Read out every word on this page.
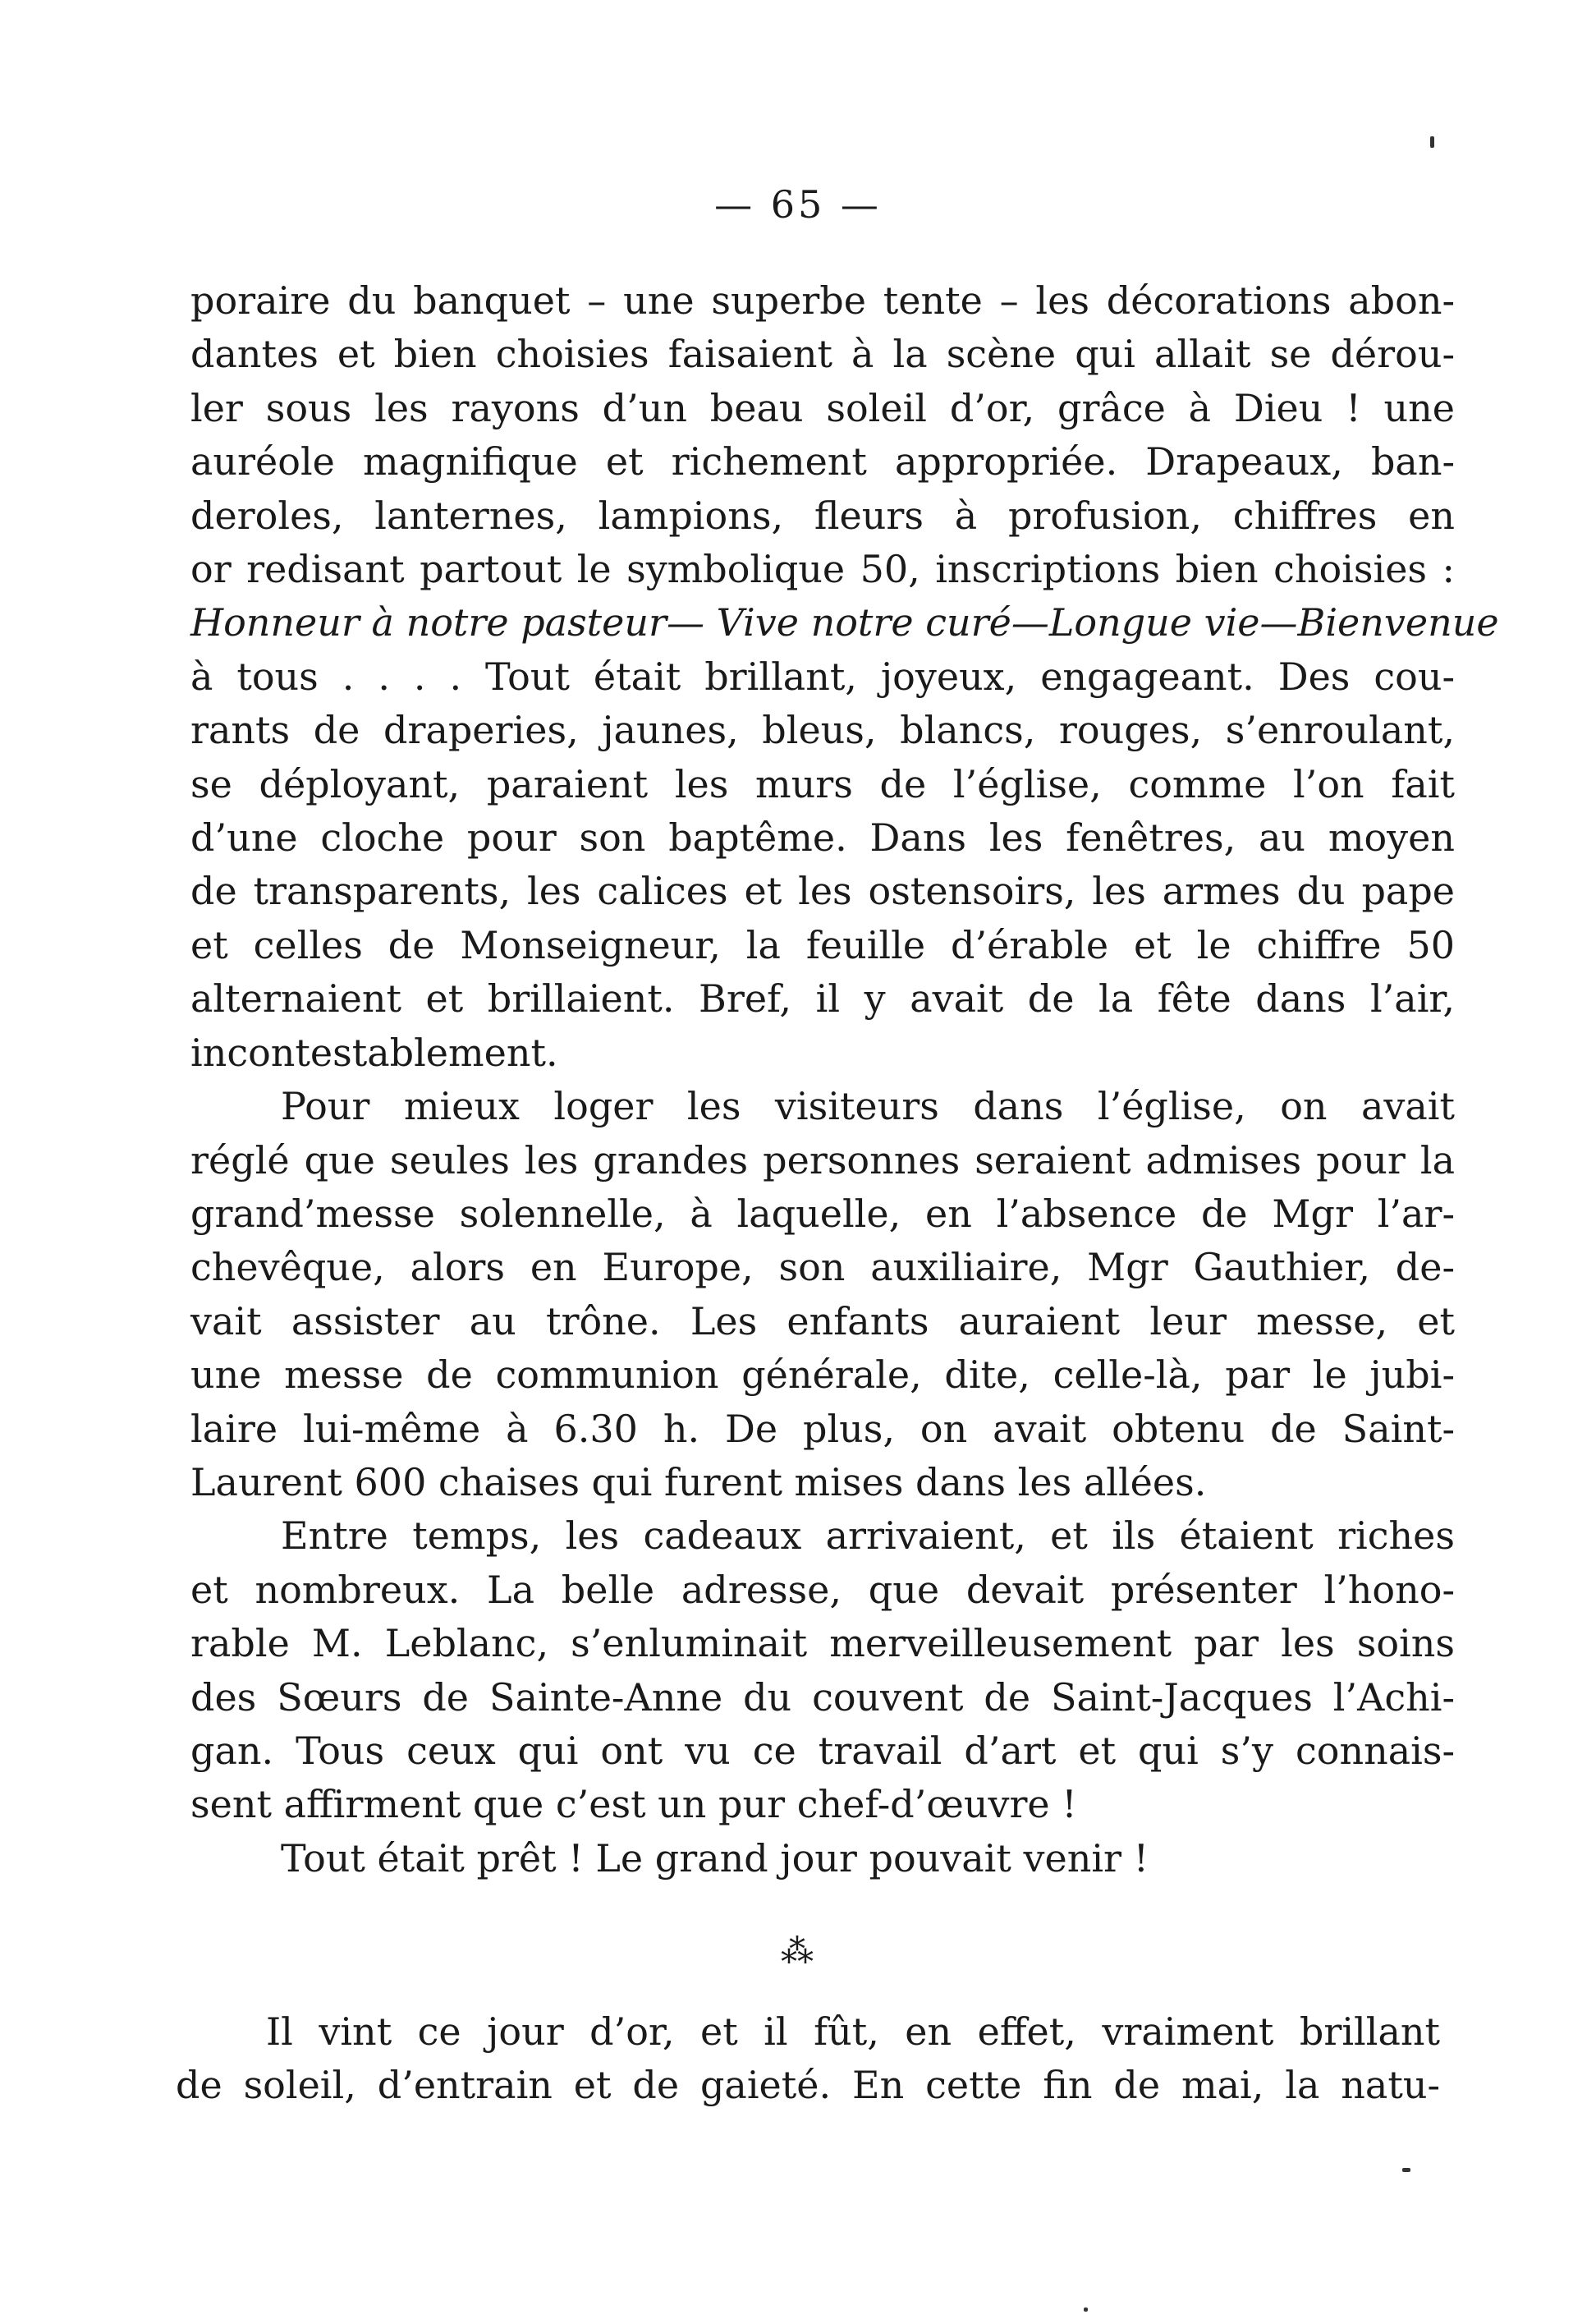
— 65 —
poraire du banquet – une superbe tente – les décorations abon-
dantes et bien choisies faisaient à la scène qui allait se dérou-
ler sous les rayons d’un beau soleil d’or, grâce à Dieu ! une
auréole magnifique et richement appropriée. Drapeaux, ban-
deroles, lanternes, lampions, fleurs à profusion, chiffres en
or redisant partout le symbolique 50, inscriptions bien choisies :
Honneur à notre pasteur— Vive notre curé—Longue vie—Bienvenue
à tous . . . . Tout était brillant, joyeux, engageant. Des cou-
rants de draperies, jaunes, bleus, blancs, rouges, s’enroulant,
se déployant, paraient les murs de l’église, comme l’on fait
d’une cloche pour son baptême. Dans les fenêtres, au moyen
de transparents, les calices et les ostensoirs, les armes du pape
et celles de Monseigneur, la feuille d’érable et le chiffre 50
alternaient et brillaient. Bref, il y avait de la fête dans l’air,
incontestablement.
Pour mieux loger les visiteurs dans l’église, on avait
réglé que seules les grandes personnes seraient admises pour la
grand’messe solennelle, à laquelle, en l’absence de Mgr l’ar-
chevêque, alors en Europe, son auxiliaire, Mgr Gauthier, de-
vait assister au trône. Les enfants auraient leur messe, et
une messe de communion générale, dite, celle-là, par le jubi-
laire lui-même à 6.30 h. De plus, on avait obtenu de Saint-
Laurent 600 chaises qui furent mises dans les allées.
Entre temps, les cadeaux arrivaient, et ils étaient riches
et nombreux. La belle adresse, que devait présenter l’hono-
rable M. Leblanc, s’enluminait merveilleusement par les soins
des Sœurs de Sainte-Anne du couvent de Saint-Jacques l’Achi-
gan. Tous ceux qui ont vu ce travail d’art et qui s’y connais-
sent affirment que c’est un pur chef-d’œuvre !
Tout était prêt ! Le grand jour pouvait venir !
⁂
Il vint ce jour d’or, et il fût, en effet, vraiment brillant
de soleil, d’entrain et de gaieté. En cette fin de mai, la natu-
